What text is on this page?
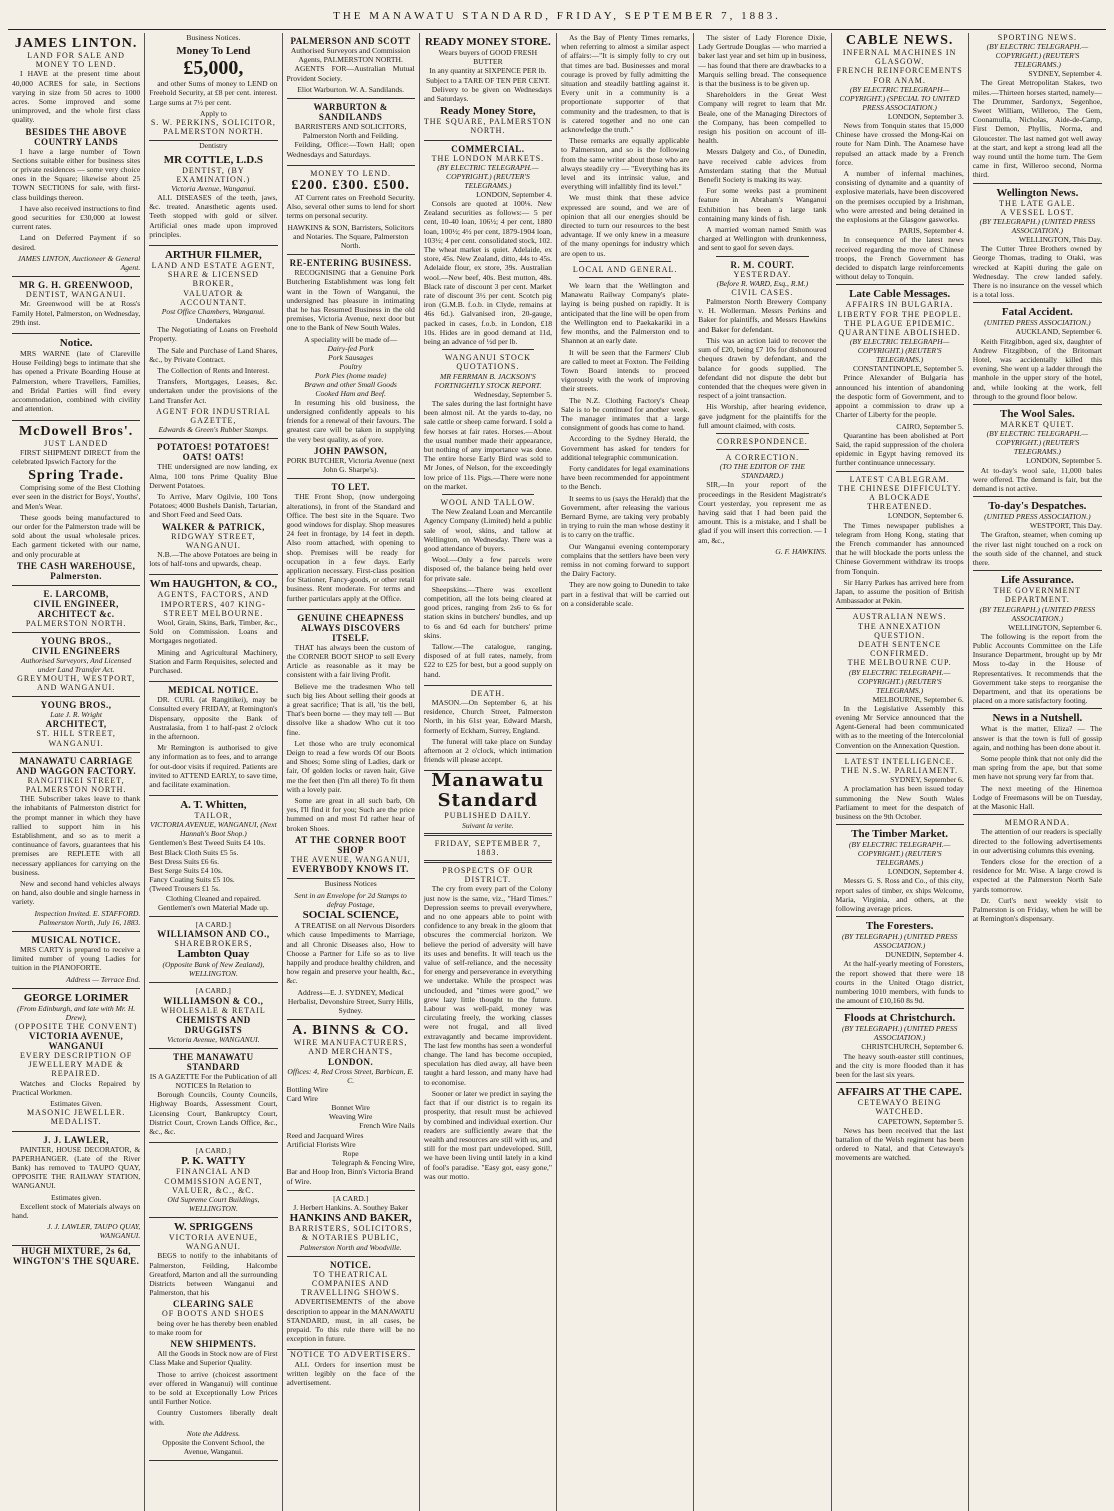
THE MANAWATU STANDARD, FRIDAY, SEPTEMBER 7, 1883.
JAMES LINTON.
LAND FOR SALE AND MONEY TO LEND.

I HAVE at the present time about 40,000 ACRES for sale, in Sections varying in size from 50 acres to 1000 acres. Some improved and some unimproved, and the whole first class quality.

BESIDES THE ABOVE COUNTRY LANDS

I have a large number of Town Sections suitable either for business sites or private residences — some very choice ones in the Square; likewise about 25 TOWN SECTIONS for sale, with first-class buildings thereon.

I have also received instructions to find good securities for £30,000 at lowest current rates.

Land on Deferred Payment if so desired.

JAMES LINTON, Auctioneer & General Agent.
MR G. H. GREENWOOD,
DENTIST, WANGANUI.

Mr. Greenwood will be at Ross's Family Hotel, Palmerston, on Wednesday, 29th inst.

Notice.

MRS WARNE (late of Clareville House Feilding) begs to intimate that she has opened a Private Boarding House at Palmerston, where Travellers, Families, and Bridal Parties will find every accommodation, combined with civility and attention.

McDowell Bros'.
JUST LANDED

FIRST SHIPMENT DIRECT from the celebrated Ipswich Factory for the

Spring Trade.

Comprising some of the Best Clothing ever seen in the district for Boys', Youths', and Men's Wear.

These goods being manufactured to our order for the Palmerston trade will be sold about the usual wholesale prices. Each garment ticketed with our name, and only procurable at

THE CASH WAREHOUSE, Palmerston.
E. LARCOMB,
CIVIL ENGINEER,
ARCHITECT &c.
PALMERSTON NORTH.
YOUNG BROS.,
CIVIL ENGINEERS
Authorised Surveyors, And Licensed under Land Transfer Act.
GREYMOUTH, WESTPORT, AND WANGANUI.
YOUNG BROS.,
Late J. R. Wright
ARCHITECT,
ST. HILL STREET, WANGANUI.
MANAWATU CARRIAGE AND WAGGON FACTORY.
RANGITIKEI STREET, PALMERSTON NORTH.

THE Subscriber takes leave to thank the inhabitants of Palmerston district for the prompt manner in which they have rallied to support him in his Establishment, and so as to merit a continuance of favors, guarantees that his premises are REPLETE with all necessary appliances for carrying on the business.

New and second hand vehicles always on hand, also double and single harness in variety.

Inspection Invited. E. STAFFORD. Palmerston North, July 16, 1883.
MUSICAL NOTICE.

MRS CARTY is prepared to receive a limited number of young Ladies for tuition in the PIANOFORTE.

Address — Terrace End.
GEORGE LORIMER
(From Edinburgh, and late with Mr. H. Drew),
(OPPOSITE THE CONVENT)
VICTORIA AVENUE, WANGANUI
EVERY DESCRIPTION OF JEWELLERY MADE & REPAIRED.

Watches and Clocks Repaired by Practical Workmen.

Estimates Given.
MASONIC JEWELLER. MEDALIST.
J. J. LAWLER,

PAINTER, HOUSE DECORATOR, & PAPERHANGER. (Late of the River Bank) has removed to TAUPO QUAY, OPPOSITE THE RAILWAY STATION, WANGANUI.

Estimates given.

Excellent stock of Materials always on hand.

J. J. LAWLER, TAUPO QUAY, WANGANUI.
HUGH MIXTURE, 2s 6d, WINGTON'S THE SQUARE.
Business Notices.
Money To Lend
£5,000,

and other Sums of money to LEND on Freehold Security, at £8 per cent. interest. Large sums at 7½ per cent.

Apply to
S. W. PERKINS, SOLICITOR, PALMERSTON NORTH.
Dentistry
MR COTTLE, L.D.S
DENTIST, (BY EXAMINATION.)
Victoria Avenue, Wanganui.

ALL DISEASES of the teeth, jaws, &c. treated. Anæsthetic agents used. Teeth stopped with gold or silver. Artificial ones made upon improved principles.

ARTHUR FILMER,
LAND AND ESTATE AGENT,
SHARE & LICENSED BROKER,
VALUATOR & ACCOUNTANT.
Post Office Chambers, Wanganui.
Undertakes

The Negotiating of Loans on Freehold Property.

The Sale and Purchase of Land Shares, &c., by Private Contract.

The Collection of Rents and Interest.

Transfers, Mortgages, Leases, &c. undertaken under the provisions of the Land Transfer Act.

AGENT FOR INDUSTRIAL GAZETTE,
Edwards & Green's Rubber Stamps.
POTATOES! POTATOES!
OATS! OATS!

THE undersigned are now landing, ex Alma, 100 tons Prime Quality Blue Derwent Potatoes.

To Arrive, Marv Ogilvie, 100 Tons Potatoes; 4000 Bushels Danish, Tartarian, and Short Feed and Seed Oats.

WALKER & PATRICK,
RIDGWAY STREET, WANGANUI.

N.B.—The above Potatoes are being in lots of half-tons and upwards, cheap.

Wm HAUGHTON, & CO.,
AGENTS, FACTORS, AND IMPORTERS, 407 KING-STREET MELBOURNE.

Wool, Grain, Skins, Bark, Timber, &c., Sold on Commission. Loans and Mortgages negotiated.

Mining and Agricultural Machinery, Station and Farm Requisites, selected and Purchased.

MEDICAL NOTICE.

DR. CURL (at Rangitikei), may be Consulted every FRIDAY, at Remington's Dispensary, opposite the Bank of Australasia, from 1 to half-past 2 o'clock in the afternoon.

Mr Remington is authorised to give any information as to fees, and to arrange for out-door visits if required. Patients are invited to ATTEND EARLY, to save time, and facilitate examination.

A. T. Whitten,
TAILOR,
VICTORIA AVENUE, WANGANUI, (Next Hannah's Boot Shop.)
Gentlemen's Best Tweed Suits £4 10s.
Best Black Cloth Suits £5 5s.
Best Dress Suits £6 6s.
Best Serge Suits £4 10s.
Fancy Coating Suits £5 10s.
(Tweed Trousers £1 5s.
Clothing Cleaned and repaired.
Gentlemen's own Material Made up.
[A CARD.]
WILLIAMSON AND CO.,
SHAREBROKERS,
Lambton Quay
(Opposite Bank of New Zealand), WELLINGTON.
[A CARD.]
WILLIAMSON & CO.,
WHOLESALE & RETAIL
CHEMISTS AND DRUGGISTS
Victoria Avenue, WANGANUI.
THE MANAWATU STANDARD
IS A GAZETTE For the Publication of all NOTICES In Relation to

Borough Councils, County Councils, Highway Boards, Assessment Court, Licensing Court, Bankruptcy Court, District Court, Crown Lands Office, &c., &c., &c.

[A CARD.]
P. K. WATTY
FINANCIAL AND COMMISSION AGENT, VALUER, &C., &C.
Old Supreme Court Buildings, WELLINGTON.
W. SPRIGGENS
VICTORIA AVENUE, WANGANUI.

BEGS to notify to the inhabitants of Palmerston, Feilding, Halcombe Greatford, Marton and all the surrounding Districts between Wanganui and Palmerston, that his

CLEARING SALE
OF BOOTS AND SHOES

being over he has thereby been enabled to make room for

NEW SHIPMENTS.

All the Goods in Stock now are of First Class Make and Superior Quality.

Those to arrive (choicest assortment ever offered in Wanganui) will continue to be sold at Exceptionally Low Prices until Further Notice.

Country Customers liberally dealt with.

Note the Address.
Opposite the Convent School, the Avenue, Wanganui.
PALMERSON AND SCOTT
Authorised Surveyors and Commission Agents, PALMERSTON NORTH.

AGENTS FOR—Australian Mutual Provident Society.

Eliot Warburton. W. A. Sandilands.
WARBURTON & SANDILANDS
BARRISTERS AND SOLICITORS, Palmerston North and Feilding.

Feilding, Office:—Town Hall; open Wednesdays and Saturdays.

MONEY TO LEND.
£200. £300. £500.

AT Current rates on Freehold Security. Also, several other sums to lend for short terms on personal security.

HAWKINS & SON, Barristers, Solicitors and Notaries. The Square, Palmerston North.
RE-ENTERING BUSINESS.

RECOGNISING that a Genuine Pork Butchering Establishment was long felt want in the Town of Wanganui, the undersigned has pleasure in intimating that he has Resumed Business in the old premises, Victoria Avenue, next door but one to the Bank of New South Wales.

A speciality will be made of—
Dairy-fed Pork
Pork Sausages
Poultry
Pork Pies (home made)
Brawn and other Small Goods
Cooked Ham and Beef.

In resuming his old business, the undersigned confidently appeals to his friends for a renewal of their favours. The greatest care will be taken in supplying the very best quality, as of yore.

JOHN PAWSON,
PORK BUTCHER, Victoria Avenue (next John G. Sharpe's).
TO LET.

THE Front Shop, (now undergoing alterations), in front of the Standard and Office. The best site in the Square. Two good windows for display. Shop measures 24 feet in frontage, by 14 feet in depth. Also room attached, with opening to shop. Premises will be ready for occupation in a few days. Early application necessary. First-class position for Stationer, Fancy-goods, or other retail business. Rent moderate. For terms and further particulars apply at the Office.

GENUINE CHEAPNESS ALWAYS DISCOVERS ITSELF.

THAT has always been the custom of the CORNER BOOT SHOP to sell Every Article as reasonable as it may be consistent with a fair living Profit.

Believe me the tradesmen Who tell such big lies About selling their goods at a great sacrifice; That is all, 'tis the bell, That's been borne — they may tell — But dissolve like a shadow Who cut it too fine.

Let those who are truly economical Deign to read a few words Of our Boots and Shoes; Some sling of Ladies, dark or fair, Of golden locks or raven hair, Give me the feet then (I'm all there) To fit them with a lovely pair.

Some are great in all such barb, Oh yes, I'll find it for you; Such are the price hummed on and most I'd rather hear of broken Shoes.

AT THE CORNER BOOT SHOP
THE AVENUE, WANGANUI,
EVERYBODY KNOWS IT.
Business Notices
Sent in an Envelope for 2d Stamps to defray Postage,
SOCIAL SCIENCE,

A TREATISE on all Nervous Disorders which cause Impediments to Marriage, and all Chronic Diseases also, How to Choose a Partner for Life so as to live happily and produce healthy children, and how regain and preserve your health, &c., &c.

Address—E. J. SYDNEY, Medical Herbalist, Devonshire Street, Surry Hills, Sydney.
A. BINNS & CO.
WIRE MANUFACTURERS, AND MERCHANTS,
LONDON.
Offices: 4, Red Cross Street, Barbican, E. C.
Bottling Wire
Card Wire
Bonnet Wire
Weaving Wire
French Wire Nails
Reed and Jacquard Wires
Artificial Florists Wire
Rope
Telegraph & Fencing Wire,
Bar and Hoop Iron, Binn's Victoria Brand of Wire.
[A CARD.]
J. Herbert Hankins. A. Southey Baker
HANKINS AND BAKER,
BARRISTERS, SOLICITORS, & NOTARIES PUBLIC,
Palmerston North and Woodville.
NOTICE.
TO THEATRICAL COMPANIES AND TRAVELLING SHOWS.

ADVERTISEMENTS of the above description to appear in the MANAWATU STANDARD, must, in all cases, be prepaid. To this rule there will be no exception in future.

NOTICE TO ADVERTISERS.

ALL Orders for insertion must be written legibly on the face of the advertisement.

READY MONEY STORE.
Wears buyers of GOOD FRESH BUTTER
In any quantity at SIXPENCE PER lb. Subject to a TARE OF TEN PER CENT.

Delivery to be given on Wednesdays and Saturdays.

Ready Money Store,
THE SQUARE, PALMERSTON NORTH.
COMMERCIAL.
THE LONDON MARKETS.
(BY ELECTRIC TELEGRAPH.—COPYRIGHT.) (REUTER'S TELEGRAMS.)
LONDON, September 4.

Consols are quoted at 100⅛. New Zealand securities as follows:— 5 per cent, 10-40 loan, 106½; 4 per cent, 1880 loan, 100½; 4½ per cent, 1879-1904 loan, 103½; 4 per cent. consolidated stock, 102. The wheat market is quiet. Adelaide, ex store, 45s. New Zealand, ditto, 44s to 45s. Adelaide flour, ex store, 39s. Australian wool.—New beef, 40s. Best mutton, 48s. Black rate of discount 3 per cent. Market rate of discount 3½ per cent. Scotch pig iron (G.M.B. f.o.b. in Clyde, remains at 46s 6d.). Galvanised iron, 20-gauge, packed in cases, f.o.b. in London, £18 10s. Hides are in good demand at 11d, being an advance of ½d per lb.

WANGANUI STOCK QUOTATIONS.
MR FERRMAN B. JACKSON'S FORTNIGHTLY STOCK REPORT.
Wednesday, September 5.

The sales during the last fortnight have been almost nil. At the yards to-day, no sale cattle or sheep came forward. I sold a few horses at fair rates. Horses.—About the usual number made their appearance, but nothing of any importance was done. The entire horse Early Bird was sold to Mr Jones, of Nelson, for the exceedingly low price of 11s. Pigs.—There were none on the market.

WOOL AND TALLOW.

The New Zealand Loan and Mercantile Agency Company (Limited) held a public sale of wool, skins, and tallow at Wellington, on Wednesday. There was a good attendance of buyers.

Wool.—Only a few parcels were disposed of, the balance being held over for private sale.

Sheepskins.—There was excellent competition, all the lots being cleared at good prices, ranging from 2s6 to 6s for station skins in butchers' bundles, and up to 6s and 6d each for butchers' prime skins.

Tallow.—The catalogue, ranging, disposed of at full rates, namely, from £22 to £25 for best, but a good supply on hand.

DEATH.

MASON.—On September 6, at his residence, Church Street, Palmerston North, in his 61st year, Edward Marsh, formerly of Eckham, Surrey, England.

The funeral will take place on Sunday afternoon at 2 o'clock, which intimation friends will please accept.

Manawatu Standard
PUBLISHED DAILY.
Suivant la verite.
FRIDAY, SEPTEMBER 7, 1883.
PROSPECTS OF OUR DISTRICT.

The cry from every part of the Colony just now is the same, viz., "Hard Times." Depression seems to prevail everywhere, and no one appears able to point with confidence to any break in the gloom that obscures the commercial horizon. We believe the period of adversity will have its uses and benefits. It will teach us the value of self-reliance, and the necessity for energy and perseverance in everything we undertake. While the prospect was unclouded, and "times were good," we grew lazy little thought to the future. Labour was well-paid, money was circulating freely, the working classes were not frugal, and all lived extravagantly and became improvident. The last few months has seen a wonderful change. The land has become occupied, speculation has died away, all have been taught a hard lesson, and many have had to economise.

Sooner or later we predict in saying the fact that if our district is to regain its prosperity, that result must be achieved by combined and individual exertion. Our readers are sufficiently aware that the wealth and resources are still with us, and still for the most part undeveloped. Still, we have been living until lately in a kind of fool's paradise. "Easy got, easy gone," was our motto.

As the Bay of Plenty Times remarks, when referring to almost a similar aspect of affairs:—"It is simply folly to cry out that times are bad. Businesses and moral courage is proved by fully admitting the situation and steadily battling against it. Every unit in a community is a proportionate supporter of that community and the tradesmen, to that is is catered together and no one can acknowledge the truth."

These remarks are equally applicable to Palmerston, and so is the following from the same writer about those who are always steadily cry — "Everything has its level and its intrinsic value, and everything will infallibly find its level."

We must think that these advice expressed are sound, and we are of opinion that all our energies should be directed to turn our resources to the best advantage. If we only knew in a measure of the many openings for industry which are open to us.

LOCAL AND GENERAL.

We learn that the Wellington and Manawatu Railway Company's plate-laying is being pushed on rapidly. It is anticipated that the line will be open from the Wellington end to Paekakariki in a few months, and the Palmerston end to Shannon at an early date.

It will be seen that the Farmers' Club are called to meet at Foxton. The Feilding Town Board intends to proceed vigorously with the work of improving their streets.

The N.Z. Clothing Factory's Cheap Sale is to be continued for another week. The manager intimates that a large consignment of goods has come to hand.

According to the Sydney Herald, the Government has asked for tenders for additional telegraphic communication.

Forty candidates for legal examinations have been recommended for appointment to the Bench.

It seems to us (says the Herald) that the Government, after releasing the various Bernard Byrne, are taking very probably in trying to ruin the man whose destiny it is to carry on the traffic.

Our Wanganui evening contemporary complains that the settlers have been very remiss in not coming forward to support the Dairy Factory.

They are now going to Dunedin to take part in a festival that will be carried out on a considerable scale.

The sister of Lady Florence Dixie, Lady Gertrude Douglas — who married a baker last year and set him up in business, — has found that there are drawbacks to a Marquis selling bread. The consequence is that the business is to be given up.

Shareholders in the Great West Company will regret to learn that Mr. Beale, one of the Managing Directors of the Company, has been compelled to resign his position on account of ill-health.

Messrs Dalgety and Co., of Dunedin, have received cable advices from Amsterdam stating that the Mutual Benefit Society is making its way.

For some weeks past a prominent feature in Abraham's Wanganui Exhibition has been a large tank containing many kinds of fish.

A married woman named Smith was charged at Wellington with drunkenness, and sent to gaol for seven days.

R. M. COURT.
YESTERDAY.
(Before R. WARD, Esq., R.M.)
CIVIL CASES.

Palmerston North Brewery Company v. H. Wollerman. Messrs Perkins and Baker for plaintiffs, and Messrs Hawkins and Baker for defendant.

This was an action laid to recover the sum of £20, being £7 10s for dishonoured cheques drawn by defendant, and the balance for goods supplied. The defendant did not dispute the debt but contended that the cheques were given in respect of a joint transaction.

His Worship, after hearing evidence, gave judgment for the plaintiffs for the full amount claimed, with costs.

CORRESPONDENCE.
A CORRECTION.
(TO THE EDITOR OF THE STANDARD.)

SIR,—In your report of the proceedings in the Resident Magistrate's Court yesterday, you represent me as having said that I had been paid the amount. This is a mistake, and I shall be glad if you will insert this correction. — I am, &c.,

G. F. HAWKINS.
CABLE NEWS.
INFERNAL MACHINES IN GLASGOW.
FRENCH REINFORCEMENTS FOR ANAM.
(BY ELECTRIC TELEGRAPH—COPYRIGHT.) (SPECIAL TO UNITED PRESS ASSOCIATION.)
LONDON, September 3.

News from Tonquin states that 15,000 Chinese have crossed the Mong-Kai on route for Nam Dinh. The Anamese have repulsed an attack made by a French force.

A number of infernal machines, consisting of dynamite and a quantity of explosive materials, have been discovered on the premises occupied by a Irishman, who were arrested and being detained in the explosions at the Glasgow gasworks.

PARIS, September 4.

In consequence of the latest news received regarding the move of Chinese troops, the French Government has decided to dispatch large reinforcements without delay to Tonquin.

Late Cable Messages.
AFFAIRS IN BULGARIA.
LIBERTY FOR THE PEOPLE.
THE PLAGUE EPIDEMIC.
QUARANTINE ABOLISHED.
(BY ELECTRIC TELEGRAPH—COPYRIGHT.) (REUTER'S TELEGRAMS.)
CONSTANTINOPLE, September 5.

Prince Alexander of Bulgaria has announced his intention of abandoning the despotic form of Government, and to appoint a commission to draw up a Charter of Liberty for the people.

CAIRO, September 5.

Quarantine has been abolished at Port Said, the rapid suppression of the cholera epidemic in Egypt having removed its further continuance unnecessary.

LATEST CABLEGRAM.
THE CHINESE DIFFICULTY.
A BLOCKADE THREATENED.
LONDON, September 6.

The Times newspaper publishes a telegram from Hong Kong, stating that the French commander has announced that he will blockade the ports unless the Chinese Government withdraw its troops from Tonquin.

Sir Harry Parkes has arrived here from Japan, to assume the position of British Ambassador at Pekin.

AUSTRALIAN NEWS.
THE ANNEXATION QUESTION.
DEATH SENTENCE CONFIRMED.
THE MELBOURNE CUP.
(BY ELECTRIC TELEGRAPH.—COPYRIGHT.) (REUTER'S TELEGRAMS.)
MELBOURNE, September 6.

In the Legislative Assembly this evening Mr Service announced that the Agent-General had been communicated with as to the meeting of the Intercolonial Convention on the Annexation Question.

LATEST INTELLIGENCE.
THE N.S.W. PARLIAMENT.
SYDNEY, September 6.

A proclamation has been issued today summoning the New South Wales Parliament to meet for the despatch of business on the 9th October.

The Timber Market.
(BY ELECTRIC TELEGRAPH.—COPYRIGHT.) (REUTER'S TELEGRAMS.)
LONDON, September 4.

Messrs G. S. Ross and Co., of this city, report sales of timber, ex ships Welcome, Maria, Virginia, and others, at the following average prices.

The Foresters.
(BY TELEGRAPH.) (UNITED PRESS ASSOCIATION.)
DUNEDIN, September 4.

At the half-yearly meeting of Foresters, the report showed that there were 18 courts in the United Otago district, numbering 1010 members, with funds to the amount of £10,160 8s 9d.

Floods at Christchurch.
(BY TELEGRAPH.) (UNITED PRESS ASSOCIATION.)
CHRISTCHURCH, September 6.

The heavy south-easter still continues, and the city is more flooded than it has been for the last six years.

AFFAIRS AT THE CAPE.
CETEWAYO BEING WATCHED.
CAPETOWN, September 5.

News has been received that the last battalion of the Welsh regiment has been ordered to Natal, and that Cetewayo's movements are watched.

SPORTING NEWS.
(BY ELECTRIC TELEGRAPH.—COPYRIGHT.) (REUTER'S TELEGRAMS.)
SYDNEY, September 4.

The Great Metropolitan Stakes, two miles.—Thirteen horses started, namely—The Drummer, Sardonyx, Segenhoe, Sweet William, Willeroo, The Gem, Coonamulla, Nicholas, Aide-de-Camp, First Demon, Phyllis, Norma, and Gloucester. The last named got well away at the start, and kept a strong lead all the way round until the home turn. The Gem came in first, Willeroo second, Norma third.

Wellington News.
THE LATE GALE.
A VESSEL LOST.
(BY TELEGRAPH.) (UNITED PRESS ASSOCIATION.)
WELLINGTON, This Day.

The Cutter Three Brothers owned by George Thomas, trading to Otaki, was wrecked at Kapiti during the gale on Wednesday. The crew landed safely. There is no insurance on the vessel which is a total loss.

Fatal Accident.
(UNITED PRESS ASSOCIATION.)
AUCKLAND, September 6.

Keith Fitzgibbon, aged six, daughter of Andrew Fitzgibbon, of the Britomart Hotel, was accidentally killed this evening. She went up a ladder through the manhole in the upper story of the hotel, and, while looking at the work, fell through to the ground floor below.

The Wool Sales.
MARKET QUIET.
(BY ELECTRIC TELEGRAPH.—COPYRIGHT.) (REUTER'S TELEGRAMS.)
LONDON, September 5.

At to-day's wool sale, 11,000 bales were offered. The demand is fair, but the demand is not active.

To-day's Despatches.
(UNITED PRESS ASSOCIATION.)
WESTPORT, This Day.

The Grafton, steamer, when coming up the river last night touched on a rock on the south side of the channel, and stuck there.

Life Assurance.
THE GOVERNMENT DEPARTMENT.
(BY TELEGRAPH.) (UNITED PRESS ASSOCIATION.)
WELLINGTON, September 6.

The following is the report from the Public Accounts Committee on the Life Insurance Department, brought up by Mr Moss to-day in the House of Representatives. It recommends that the Government take steps to reorganise the Department, and that its operations be placed on a more satisfactory footing.

News in a Nutshell.

What is the matter, Eliza? — The answer is that the town is full of gossip again, and nothing has been done about it.

Some people think that not only did the man spring from the ape, but that some men have not sprung very far from that.

The next meeting of the Hinemoa Lodge of Freemasons will be on Tuesday, at the Masonic Hall.

MEMORANDA.

The attention of our readers is specially directed to the following advertisements in our advertising columns this evening.

Tenders close for the erection of a residence for Mr. Wise. A large crowd is expected at the Palmerston North Sale yards tomorrow.

Dr. Curl's next weekly visit to Palmerston is on Friday, when he will be at Remington's dispensary.
